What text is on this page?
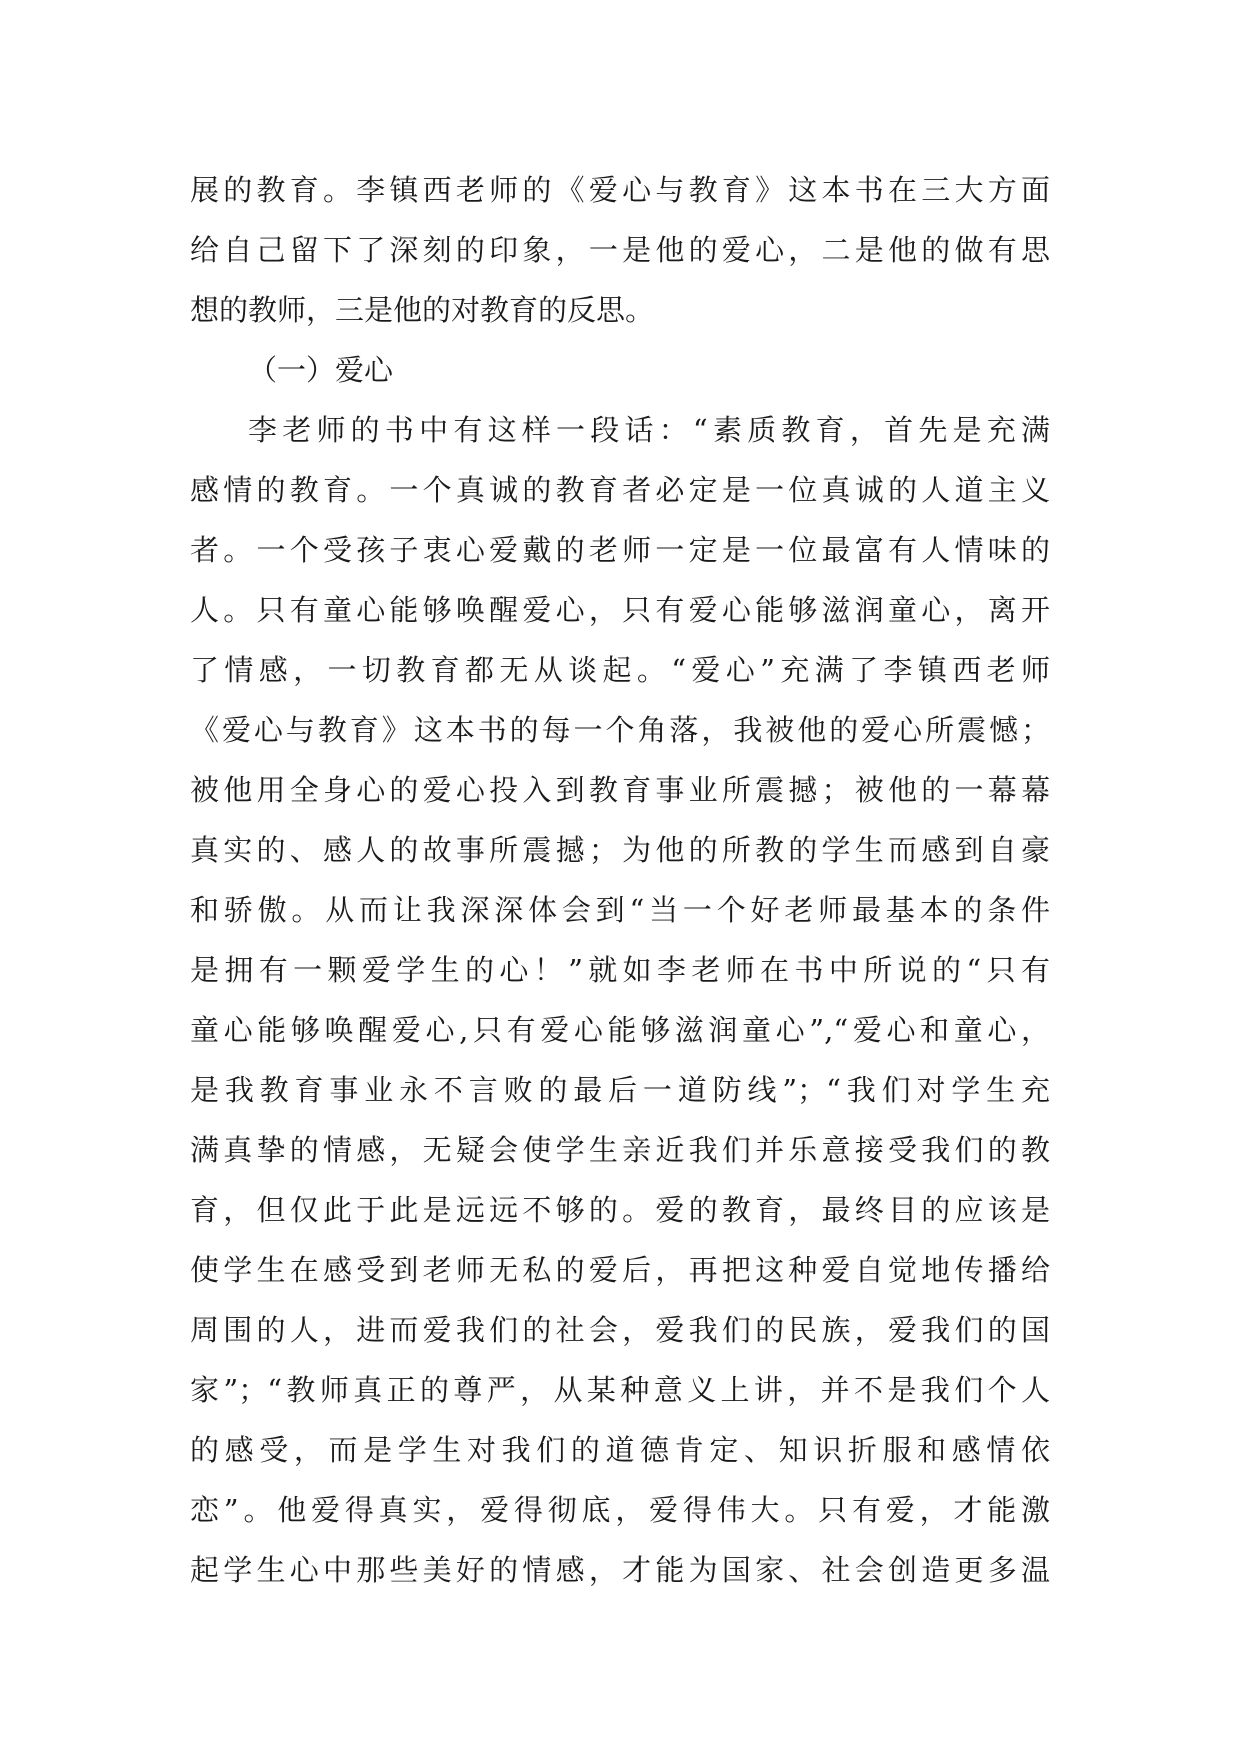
展的教育。李镇西老师的《爱心与教育》这本书在三大方面
给自己留下了深刻的印象，一是他的爱心，二是他的做有思
想的教师，三是他的对教育的反思。
（一）爱心
李老师的书中有这样一段话：“素质教育，首先是充满
感情的教育。一个真诚的教育者必定是一位真诚的人道主义
者。一个受孩子衷心爱戴的老师一定是一位最富有人情味的
人。只有童心能够唤醒爱心，只有爱心能够滋润童心，离开
了情感，一切教育都无从谈起。“爱心”充满了李镇西老师
《爱心与教育》这本书的每一个角落，我被他的爱心所震憾；
被他用全身心的爱心投入到教育事业所震撼；被他的一幕幕
真实的、感人的故事所震撼；为他的所教的学生而感到自豪
和骄傲。从而让我深深体会到“当一个好老师最基本的条件
是拥有一颗爱学生的心！”就如李老师在书中所说的“只有
童心能够唤醒爱心,只有爱心能够滋润童心”,“爱心和童心，
是我教育事业永不言败的最后一道防线”；“我们对学生充
满真挚的情感，无疑会使学生亲近我们并乐意接受我们的教
育，但仅此于此是远远不够的。爱的教育，最终目的应该是
使学生在感受到老师无私的爱后，再把这种爱自觉地传播给
周围的人，进而爱我们的社会，爱我们的民族，爱我们的国
家”；“教师真正的尊严，从某种意义上讲，并不是我们个人
的感受，而是学生对我们的道德肯定、知识折服和感情依
恋”。他爱得真实，爱得彻底，爱得伟大。只有爱，才能激
起学生心中那些美好的情感，才能为国家、社会创造更多温
